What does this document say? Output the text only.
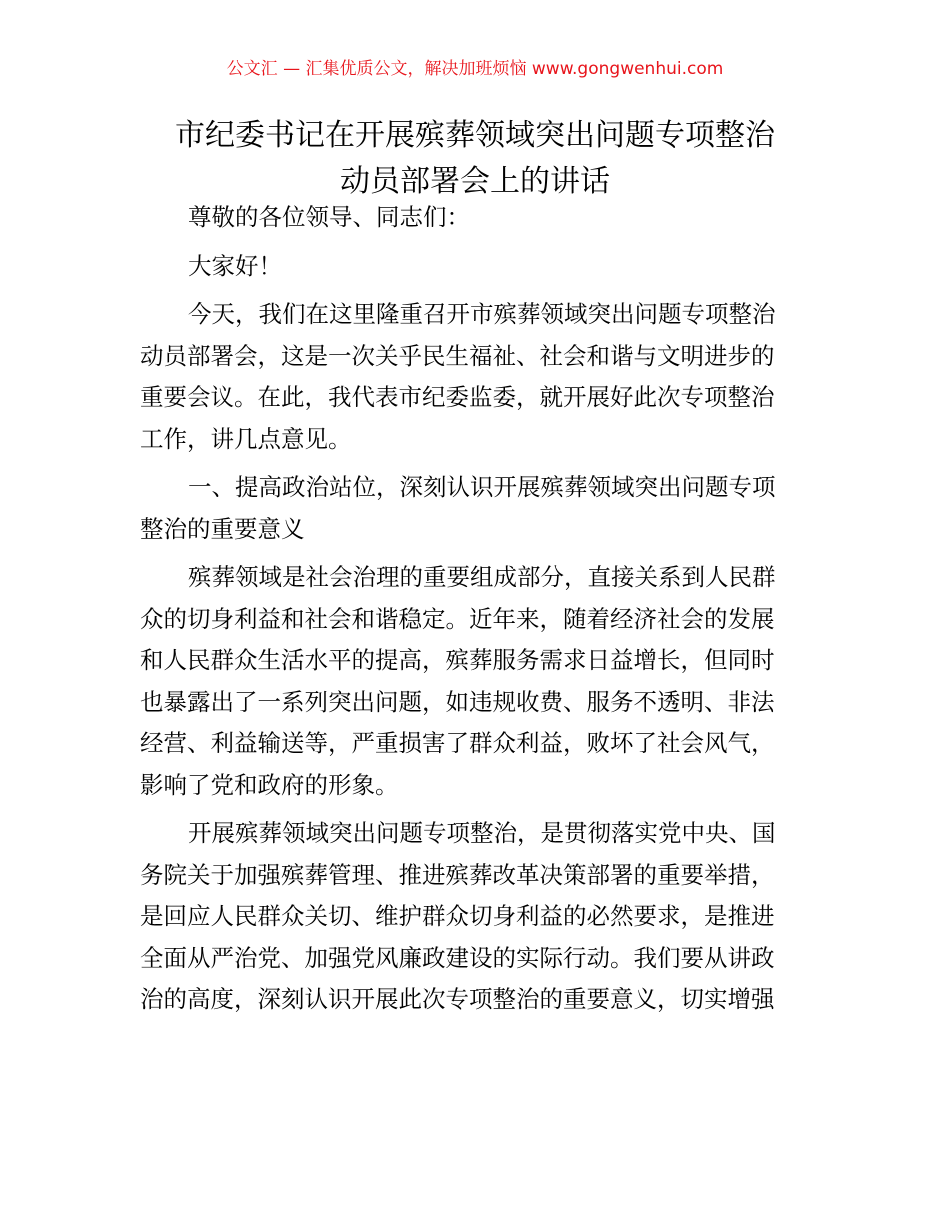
公文汇 — 汇集优质公文，解决加班烦恼 www.gongwenhui.com
市纪委书记在开展殡葬领域突出问题专项整治
动员部署会上的讲话

尊敬的各位领导、同志们：

大家好！

今天，我们在这里隆重召开市殡葬领域突出问题专项整治
动员部署会，这是一次关乎民生福祉、社会和谐与文明进步的
重要会议。在此，我代表市纪委监委，就开展好此次专项整治
工作，讲几点意见。

一、提高政治站位，深刻认识开展殡葬领域突出问题专项
整治的重要意义

殡葬领域是社会治理的重要组成部分，直接关系到人民群
众的切身利益和社会和谐稳定。近年来，随着经济社会的发展
和人民群众生活水平的提高，殡葬服务需求日益增长，但同时
也暴露出了一系列突出问题，如违规收费、服务不透明、非法
经营、利益输送等，严重损害了群众利益，败坏了社会风气，
影响了党和政府的形象。

开展殡葬领域突出问题专项整治，是贯彻落实党中央、国
务院关于加强殡葬管理、推进殡葬改革决策部署的重要举措，
是回应人民群众关切、维护群众切身利益的必然要求，是推进
全面从严治党、加强党风廉政建设的实际行动。我们要从讲政
治的高度，深刻认识开展此次专项整治的重要意义，切实增强
